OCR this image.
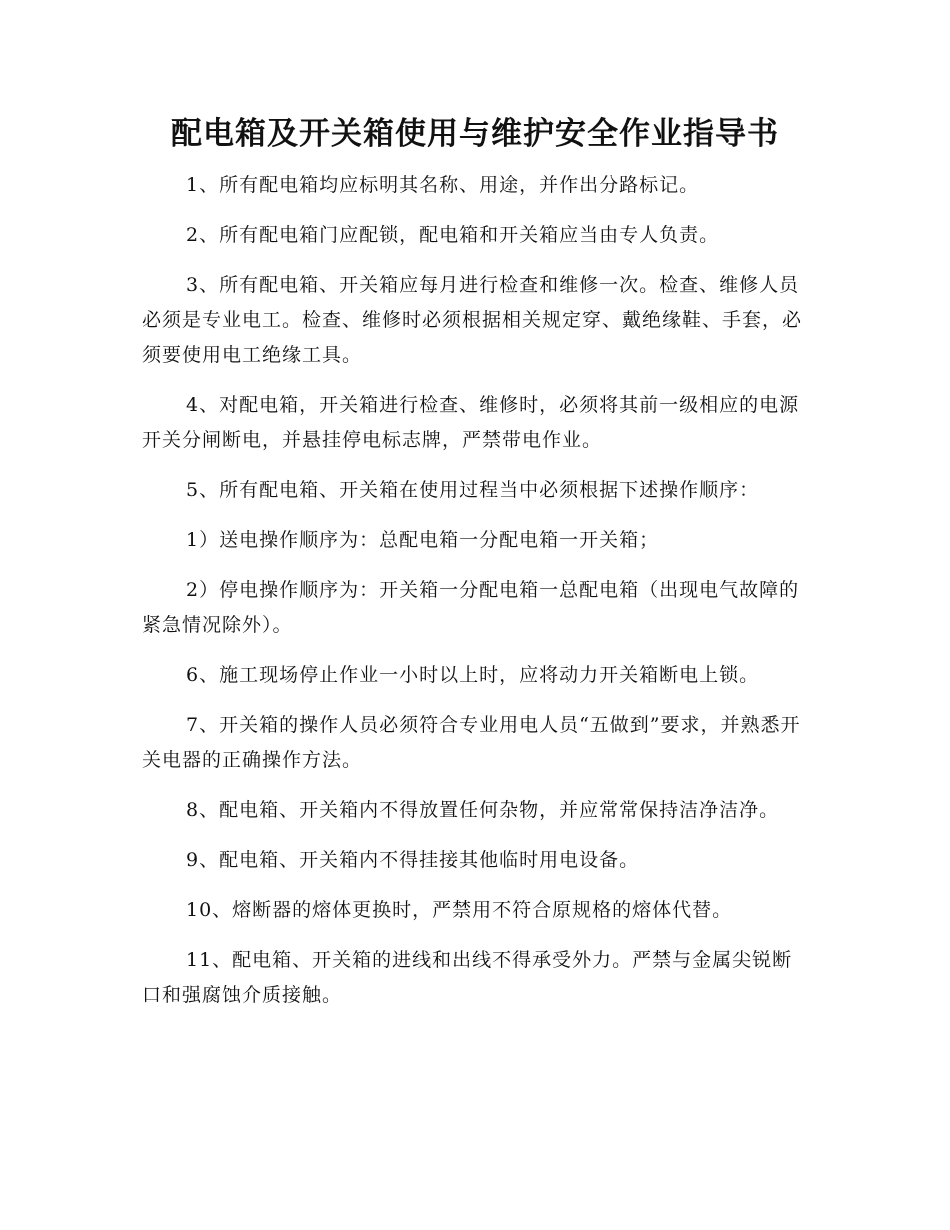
配电箱及开关箱使用与维护安全作业指导书

1、所有配电箱均应标明其名称、用途，并作出分路标记。

2、所有配电箱门应配锁，配电箱和开关箱应当由专人负责。

3、所有配电箱、开关箱应每月进行检查和维修一次。检查、维修人员必须是专业电工。检查、维修时必须根据相关规定穿、戴绝缘鞋、手套，必须要使用电工绝缘工具。

4、对配电箱，开关箱进行检查、维修时，必须将其前一级相应的电源开关分闸断电，并悬挂停电标志牌，严禁带电作业。

5、所有配电箱、开关箱在使用过程当中必须根据下述操作顺序：

1）送电操作顺序为：总配电箱一分配电箱一开关箱；

2）停电操作顺序为：开关箱一分配电箱一总配电箱（出现电气故障的紧急情况除外）。

6、施工现场停止作业一小时以上时，应将动力开关箱断电上锁。

7、开关箱的操作人员必须符合专业用电人员“五做到”要求，并熟悉开关电器的正确操作方法。

8、配电箱、开关箱内不得放置任何杂物，并应常常保持洁净洁净。

9、配电箱、开关箱内不得挂接其他临时用电设备。

10、熔断器的熔体更换时，严禁用不符合原规格的熔体代替。

11、配电箱、开关箱的进线和出线不得承受外力。严禁与金属尖锐断口和强腐蚀介质接触。
